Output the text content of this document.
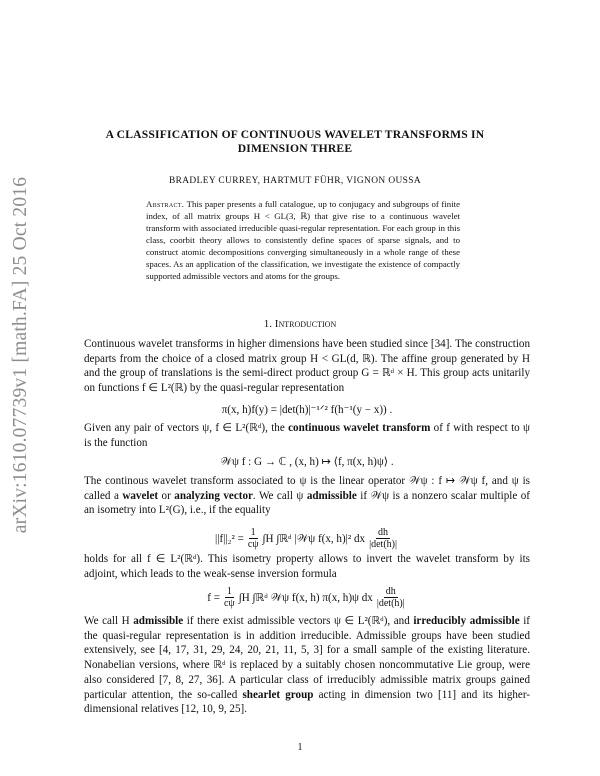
arXiv:1610.07739v1 [math.FA] 25 Oct 2016
A CLASSIFICATION OF CONTINUOUS WAVELET TRANSFORMS IN
DIMENSION THREE
BRADLEY CURREY, HARTMUT FÜHR, VIGNON OUSSA
Abstract. This paper presents a full catalogue, up to conjugacy and subgroups of finite index, of all matrix groups H < GL(3, ℝ) that give rise to a continuous wavelet transform with associated irreducible quasi-regular representation. For each group in this class, coorbit theory allows to consistently define spaces of sparse signals, and to construct atomic decompositions converging simultaneously in a whole range of these spaces. As an application of the classification, we investigate the existence of compactly supported admissible vectors and atoms for the groups.
1. Introduction
Continuous wavelet transforms in higher dimensions have been studied since [34]. The construction departs from the choice of a closed matrix group H < GL(d, ℝ). The affine group generated by H and the group of translations is the semi-direct product group G = ℝᵈ × H. This group acts unitarily on functions f ∈ L²(ℝ) by the quasi-regular representation
π(x, h)f(y) = |det(h)|⁻¹ᐟ² f(h⁻¹(y − x)) .
Given any pair of vectors ψ, f ∈ L²(ℝᵈ), the continuous wavelet transform of f with respect to ψ is the function
𝒲ψ f : G → ℂ , (x, h) ↦ ⟨f, π(x, h)ψ⟩ .
The continous wavelet transform associated to ψ is the linear operator 𝒲ψ : f ↦ 𝒲ψ f, and ψ is called a wavelet or analyzing vector. We call ψ admissible if 𝒲ψ is a nonzero scalar multiple of an isometry into L²(G), i.e., if the equality
$||f||_2^2 = \frac{1}{c\psi} \int H$ ∫ℝᵈ |𝒲ψ f(x, h)|² dx $\frac{dh}{|\det(h)|}$
holds for all f ∈ L²(ℝᵈ). This isometry property allows to invert the wavelet transform by its adjoint, which leads to the weak-sense inversion formula
$f = \frac{1}{c\psi} \int H$ ∫ℝᵈ 𝒲ψ f(x, h) π(x, h)ψ dx $\frac{dh}{|\det(h)|}$
We call H admissible if there exist admissible vectors ψ ∈ L²(ℝᵈ), and irreducibly admissible if the quasi-regular representation is in addition irreducible. Admissible groups have been studied extensively, see [4, 17, 31, 29, 24, 20, 21, 11, 5, 3] for a small sample of the existing literature. Nonabelian versions, where ℝᵈ is replaced by a suitably chosen noncommutative Lie group, were also considered [7, 8, 27, 36]. A particular class of irreducibly admissible matrix groups gained particular attention, the so-called shearlet group acting in dimension two [11] and its higher-dimensional relatives [12, 10, 9, 25].
1
